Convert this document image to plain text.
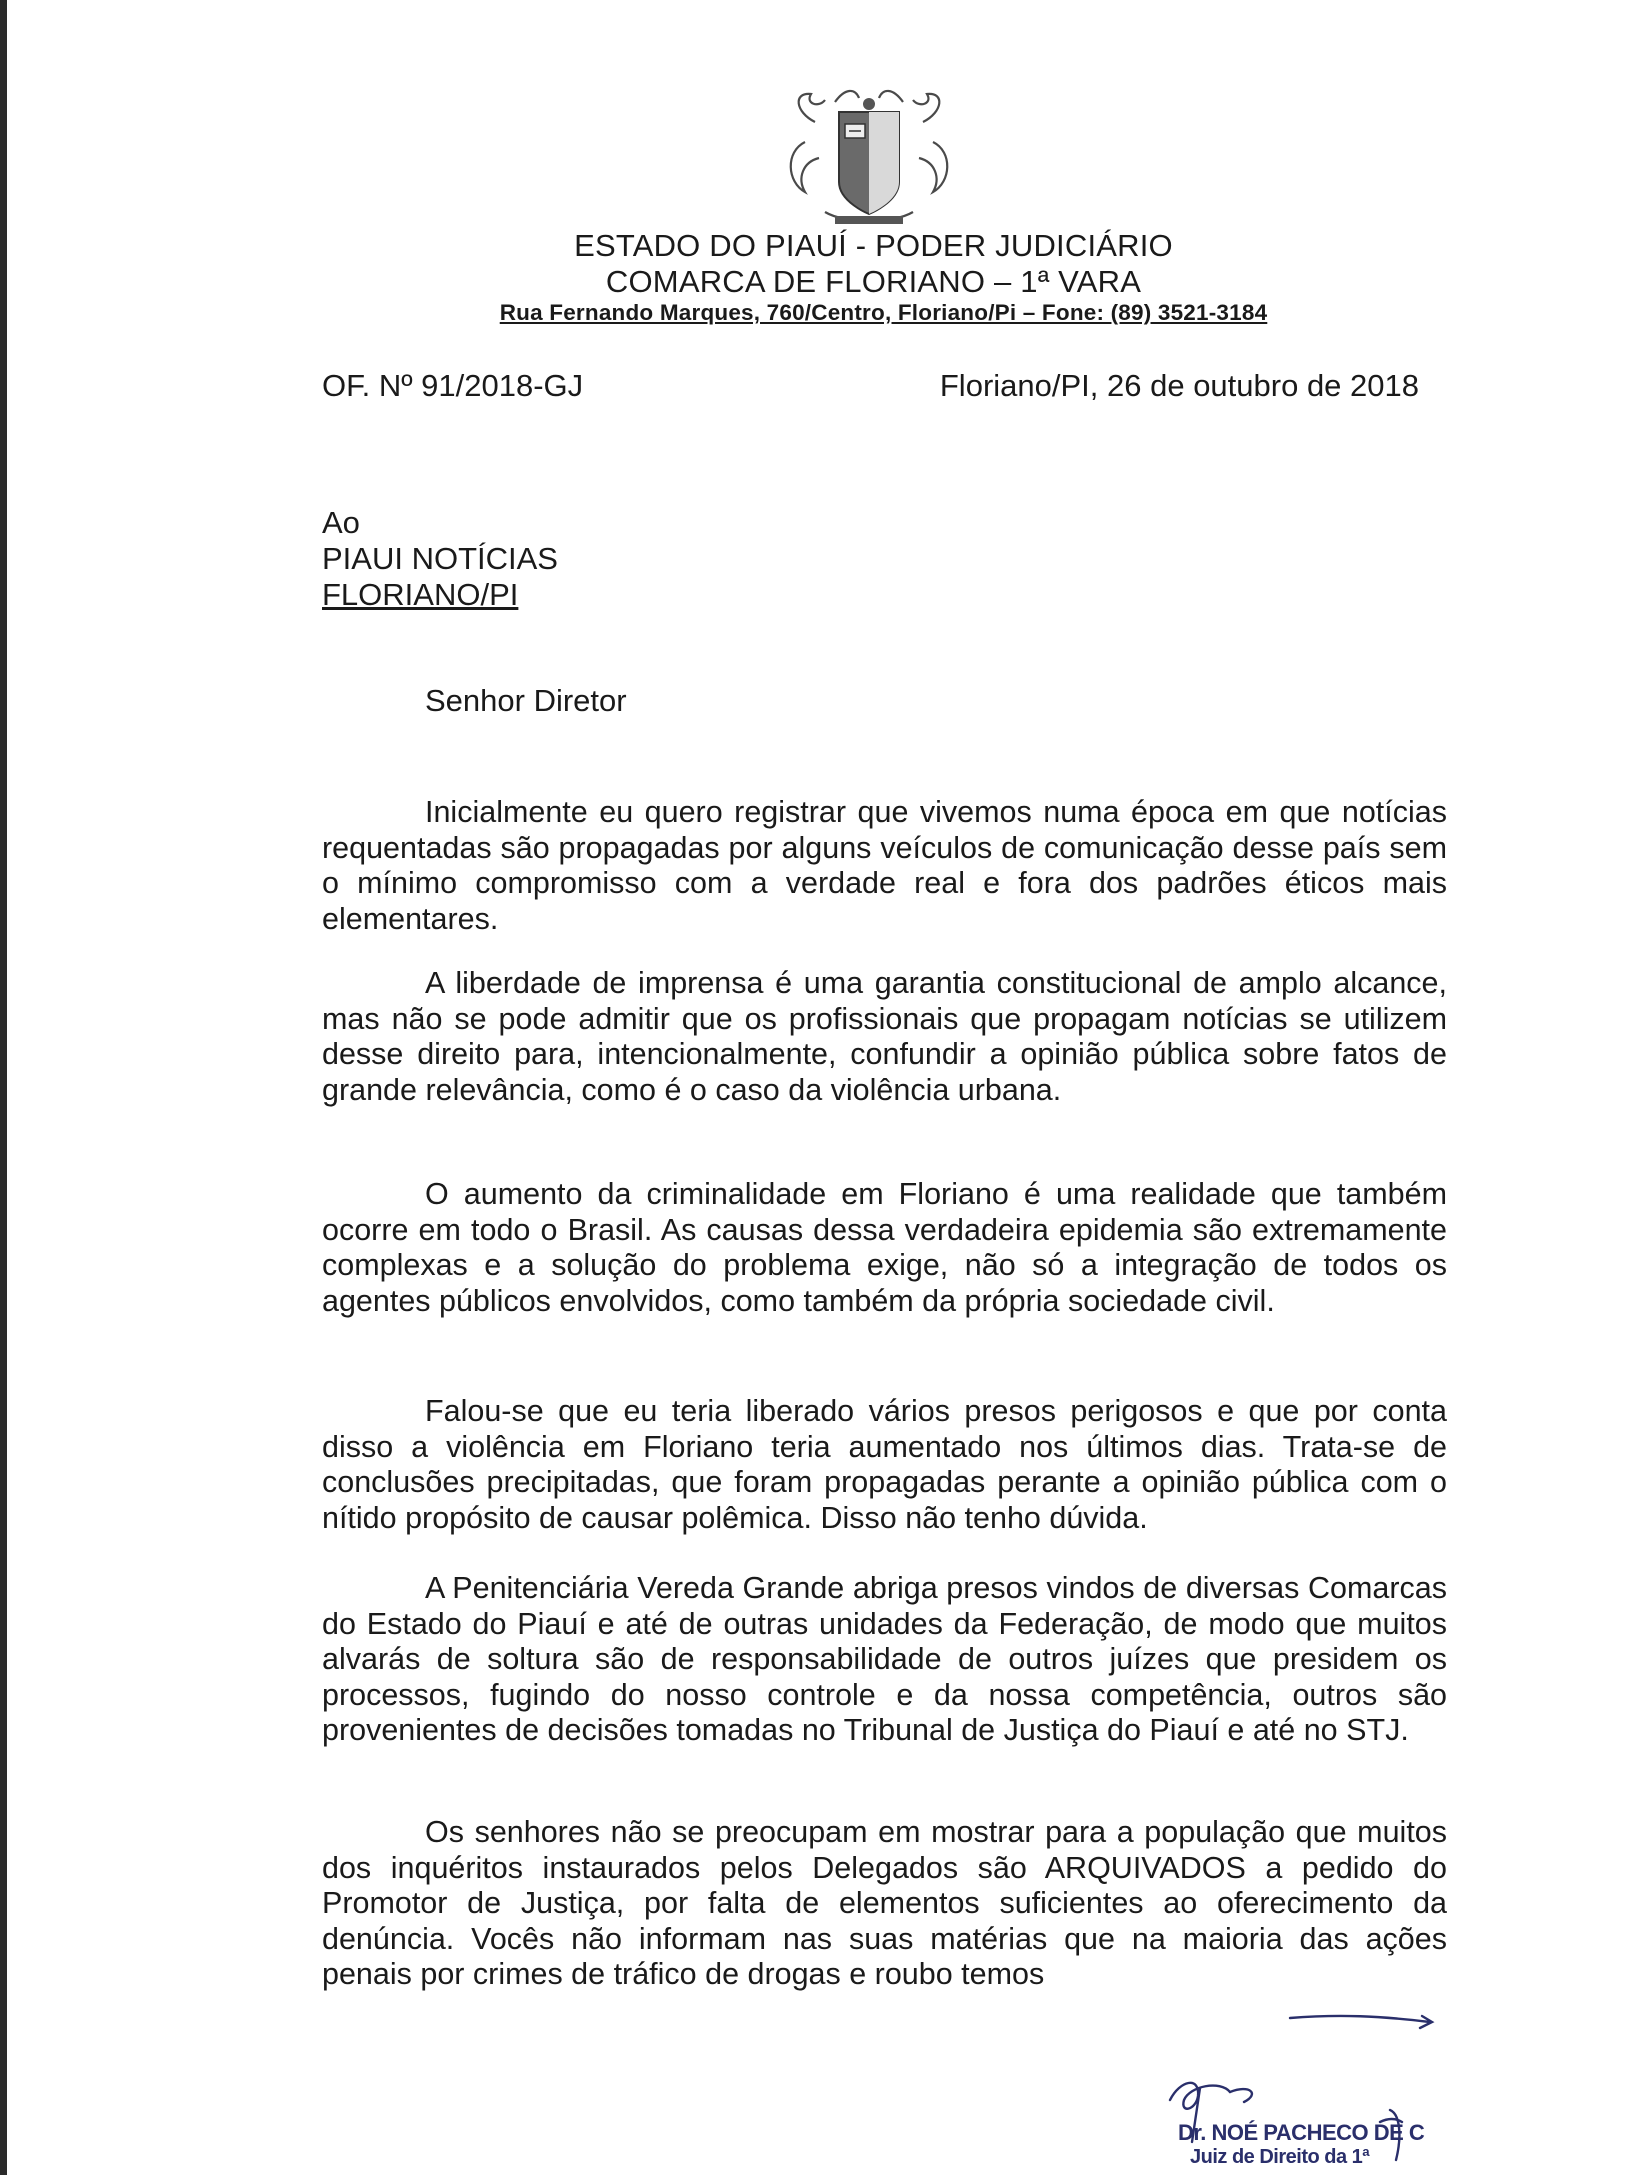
ESTADO DO PIAUÍ - PODER JUDICIÁRIO
COMARCA DE FLORIANO – 1ª VARA
Rua Fernando Marques, 760/Centro, Floriano/Pi – Fone: (89) 3521-3184
OF. Nº 91/2018-GJ	Floriano/PI, 26 de outubro de 2018
Ao
PIAUI NOTÍCIAS
FLORIANO/PI
Senhor Diretor

Inicialmente eu quero registrar que vivemos numa época em que notícias requentadas são propagadas por alguns veículos de comunicação desse país sem o mínimo compromisso com a verdade real e fora dos padrões éticos mais elementares.

A liberdade de imprensa é uma garantia constitucional de amplo alcance, mas não se pode admitir que os profissionais que propagam notícias se utilizem desse direito para, intencionalmente, confundir a opinião pública sobre fatos de grande relevância, como é o caso da violência urbana.

O aumento da criminalidade em Floriano é uma realidade que também ocorre em todo o Brasil. As causas dessa verdadeira epidemia são extremamente complexas e a solução do problema exige, não só a integração de todos os agentes públicos envolvidos, como também da própria sociedade civil.

Falou-se que eu teria liberado vários presos perigosos e que por conta disso a violência em Floriano teria aumentado nos últimos dias. Trata-se de conclusões precipitadas, que foram propagadas perante a opinião pública com o nítido propósito de causar polêmica. Disso não tenho dúvida.

A Penitenciária Vereda Grande abriga presos vindos de diversas Comarcas do Estado do Piauí e até de outras unidades da Federação, de modo que muitos alvarás de soltura são de responsabilidade de outros juízes que presidem os processos, fugindo do nosso controle e da nossa competência, outros são provenientes de decisões tomadas no Tribunal de Justiça do Piauí e até no STJ.

Os senhores não se preocupam em mostrar para a população que muitos dos inquéritos instaurados pelos Delegados são ARQUIVADOS a pedido do Promotor de Justiça, por falta de elementos suficientes ao oferecimento da denúncia. Vocês não informam nas suas matérias que na maioria das ações penais por crimes de tráfico de drogas e roubo temos

Dr. NOÉ PACHECO DE C
Juiz de Direito da 1ª
